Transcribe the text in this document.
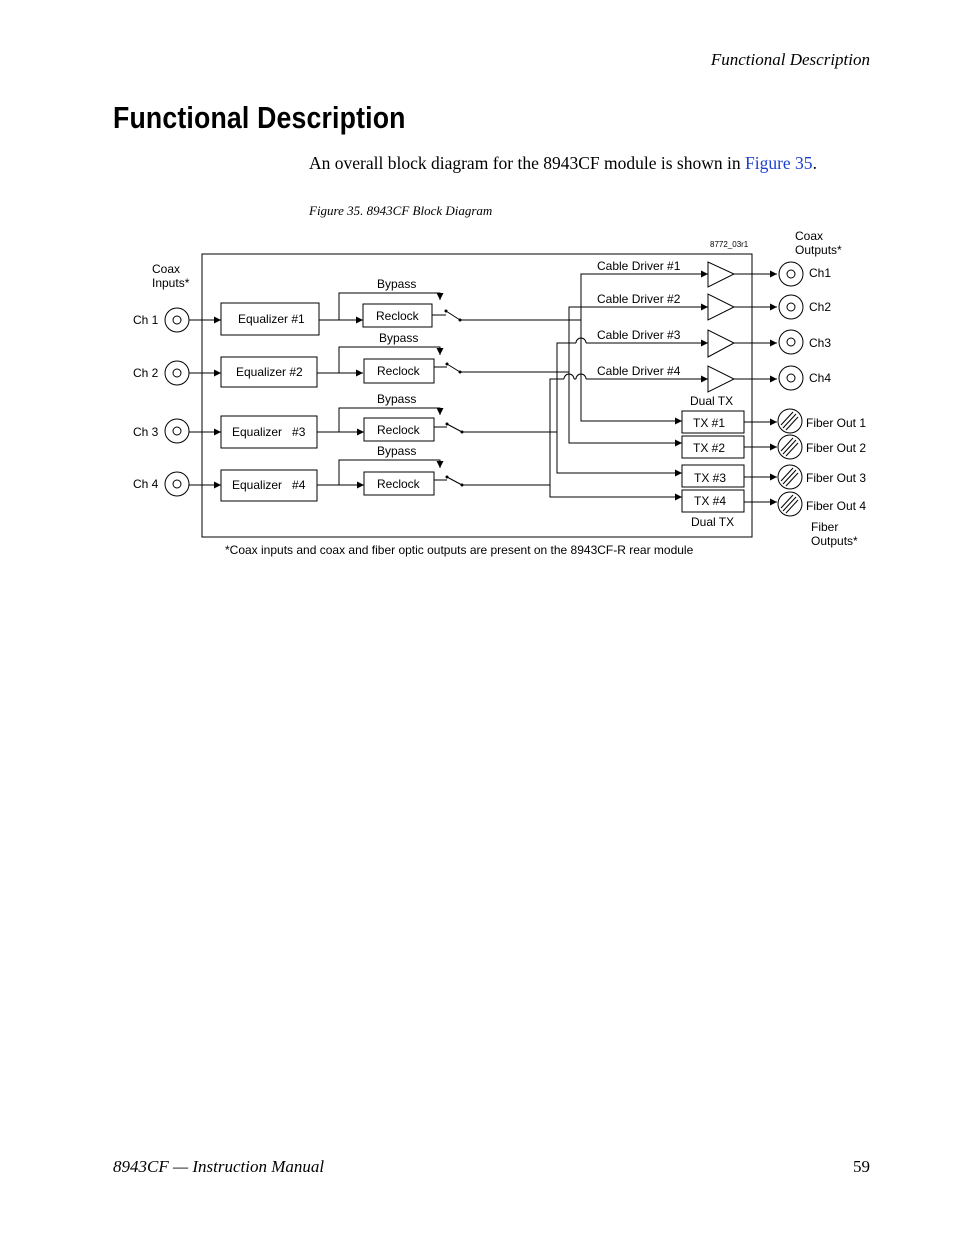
Functional Description
Functional Description

An overall block diagram for the 8943CF module is shown in Figure 35.

Figure 35. 8943CF Block Diagram
8772_03r1
Coax
Inputs*
Coax
Outputs*
Fiber
Outputs*
Ch 1	Equalizer #1
Bypass
Reclock
Ch 2	Equalizer #2
Bypass
Reclock
Ch 3	Equalizer   #3
Bypass
Reclock
Ch 4	Equalizer   #4
Bypass
Reclock
Cable Driver #1
Cable Driver #2
Cable Driver #3
Cable Driver #4
Dual TX
TX #1
TX #2
TX #3
TX #4
Dual TX
Ch1
Ch2
Ch3
Ch4
Fiber Out 1
Fiber Out 2
Fiber Out 3
Fiber Out 4
*Coax inputs and coax and fiber optic outputs are present on the 8943CF-R rear module
8943CF — Instruction Manual	59
